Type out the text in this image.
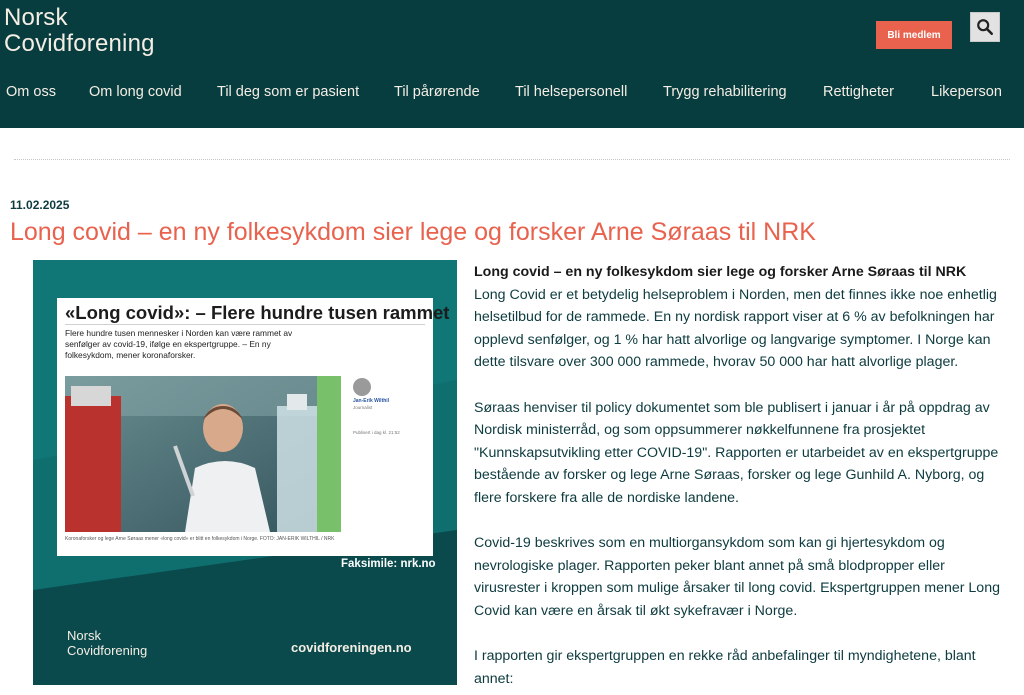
Norsk
Covidforening	Bli medlem
Om oss Om long covid Til deg som er pasient Til pårørende Til helsepersonell Trygg rehabilitering	Rettigheter	Likeperson
11.02.2025
Long covid – en ny folkesykdom sier lege og forsker Arne Søraas til NRK
«Long covid»: – Flere hundre tusen rammet
Flere hundre tusen mennesker i Norden kan være rammet av senfølger av covid-19, ifølge en ekspertgruppe. – En ny folkesykdom, mener koronaforsker.
Jan-Erik Wilthil
Journalist
Publisert i dag kl. 21:52
Koronaforsker og lege Arne Søraas mener «long covid» er blitt en folkesykdom i Norge. FOTO: JAN-ERIK WILTHIL / NRK
Faksimile: nrk.no
Norsk
Covidforening	covidforeningen.no

Long covid – en ny folkesykdom sier lege og forsker Arne Søraas til NRK
Long Covid er et betydelig helseproblem i Norden, men det finnes ikke noe enhetlig helsetilbud for de rammede. En ny nordisk rapport viser at 6 % av befolkningen har opplevd senfølger, og 1 % har hatt alvorlige og langvarige symptomer. I Norge kan dette tilsvare over 300 000 rammede, hvorav 50 000 har hatt alvorlige plager.

Søraas henviser til policy dokumentet som ble publisert i januar i år på oppdrag av Nordisk ministerråd, og som oppsummerer nøkkelfunnene fra prosjektet "Kunnskapsutvikling etter COVID-19". Rapporten er utarbeidet av en ekspertgruppe bestående av forsker og lege Arne Søraas, forsker og lege Gunhild A. Nyborg, og flere forskere fra alle de nordiske landene.

Covid-19 beskrives som en multiorgansykdom som kan gi hjertesykdom og nevrologiske plager. Rapporten peker blant annet på små blodpropper eller virusrester i kroppen som mulige årsaker til long covid. Ekspertgruppen mener Long Covid kan være en årsak til økt sykefravær i Norge.

I rapporten gir ekspertgruppen en rekke råd anbefalinger til myndighetene, blant annet:
